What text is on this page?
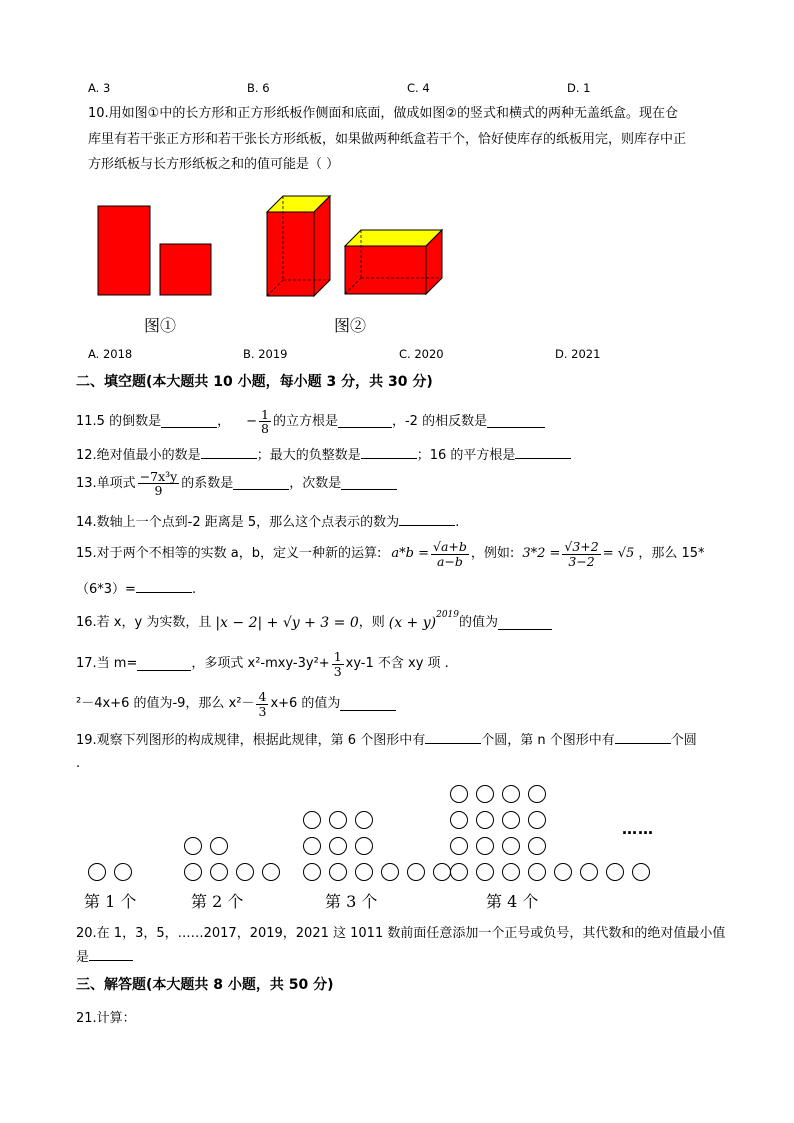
A. 3	B. 6	C. 4	D. 1
10.用如图①中的长方形和正方形纸板作侧面和底面，做成如图②的竖式和横式的两种无盖纸盒。现在仓
库里有若干张正方形和若干张长方形纸板，如果做两种纸盒若干个，恰好使库存的纸板用完，则库存中正
方形纸板与长方形纸板之和的值可能是（ ）
图①	图②
A. 2018	B. 2019	C. 2020	D. 2021
二、填空题(本大题共 10 小题，每小题 3 分，共 30 分)
11.5 的倒数是	， − $\frac{1}{8}$ 的立方根是	，-2 的相反数是
12.绝对值最小的数是	；最大的负整数是	；16 的平方根是
13.单项式 $\frac{\text{−7x³y}}{9}$ 的系数是	，次数是
14.数轴上一个点到-2 距离是 5，那么这个点表示的数为	.
15.对于两个不相等的实数 a，b，定义一种新的运算: $a*b = \frac{√a+b}{a-b}$ ，例如: $3*2 = \frac{√3+2}{3-2} = √5$ ，那么 15*
（6*3）=	.
16.若 x，y 为实数，且 |x − 2| + √y + 3 = 0 ，则 (x + y) 2019 的值为
17.当 m=	，多项式 $x^2-mxy-3y^2+ \frac{1}{3} xy-1$ 不含 xy 项 .
²－4x+6 的值为-9，那么 $x^2- \frac{4}{3} x+6$ 的值为
19.观察下列图形的构成规律，根据此规律，第 6 个图形中有	个圆，第 n 个图形中有	个圆
.
……
第 1 个	第 2 个	第 3 个	第 4 个
20.在 1，3，5，……2017，2019，2021 这 1011 数前面任意添加一个正号或负号，其代数和的绝对值最小值
是
三、解答题(本大题共 8 小题，共 50 分)
21.计算：
